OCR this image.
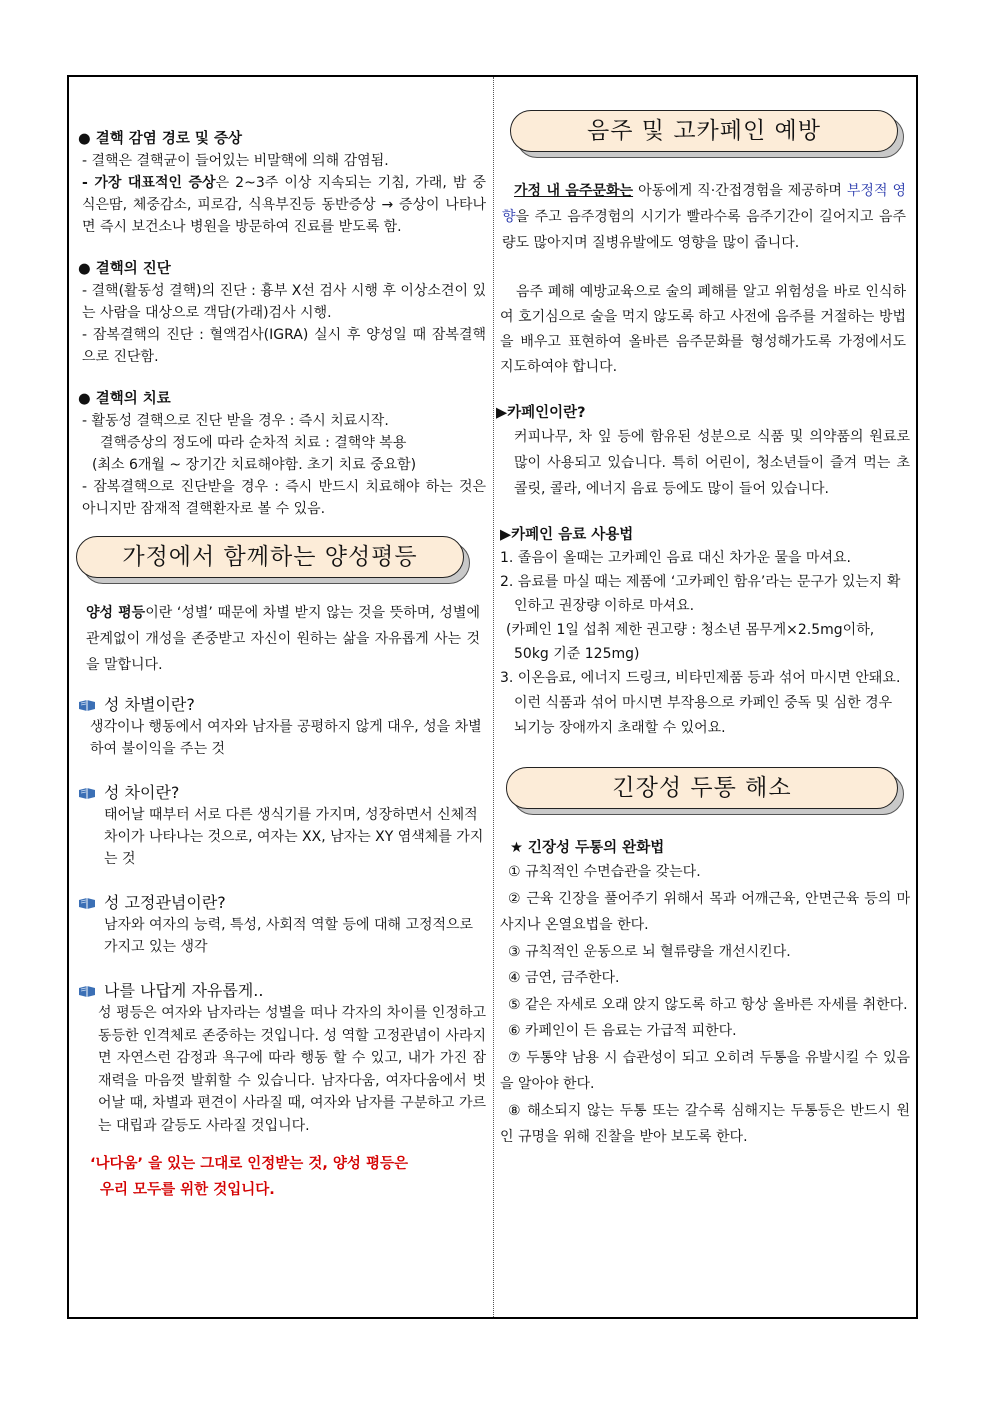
● 결핵 감염 경로 및 증상

- 결핵은 결핵균이 들어있는 비말핵에 의해 감염됨.

- 가장 대표적인 증상은 2~3주 이상 지속되는 기침, 가래, 밤 중 식은땀, 체중감소, 피로감, 식욕부진등 동반증상 → 증상이 나타나면 즉시 보건소나 병원을 방문하여 진료를 받도록 함.

● 결핵의 진단

- 결핵(활동성 결핵)의 진단 : 흉부 X선 검사 시행 후 이상소견이 있는 사람을 대상으로 객담(가래)검사 시행.

- 잠복결핵의 진단 : 혈액검사(IGRA) 실시 후 양성일 때 잠복결핵으로 진단함.

● 결핵의 치료

- 활동성 결핵으로 진단 받을 경우 : 즉시 치료시작.

결핵증상의 정도에 따라 순차적 치료 : 결핵약 복용

(최소 6개월 ~ 장기간 치료해야함. 초기 치료 중요함)

- 잠복결핵으로 진단받을 경우 : 즉시 반드시 치료해야 하는 것은 아니지만 잠재적 결핵환자로 볼 수 있음.

가정에서 함께하는 양성평등

양성 평등이란 ‘성별’ 때문에 차별 받지 않는 것을 뜻하며, 성별에 관계없이 개성을 존중받고 자신이 원하는 삶을 자유롭게 사는 것을 말합니다.

성 차별이란?

생각이나 행동에서 여자와 남자를 공평하지 않게 대우, 성을 차별하여 불이익을 주는 것

성 차이란?

태어날 때부터 서로 다른 생식기를 가지며, 성장하면서 신체적 차이가 나타나는 것으로, 여자는 XX, 남자는 XY 염색체를 가지는 것

성 고정관념이란?

남자와 여자의 능력, 특성, 사회적 역할 등에 대해 고정적으로 가지고 있는 생각

나를 나답게 자유롭게..

성 평등은 여자와 남자라는 성별을 떠나 각자의 차이를 인정하고 동등한 인격체로 존중하는 것입니다. 성 역할 고정관념이 사라지면 자연스런 감정과 욕구에 따라 행동 할 수 있고, 내가 가진 잠재력을 마음껏 발휘할 수 있습니다. 남자다움, 여자다움에서 벗어날 때, 차별과 편견이 사라질 때, 여자와 남자를 구분하고 가르는 대립과 갈등도 사라질 것입니다.

‘나다움’ 을 있는 그대로 인정받는 것, 양성 평등은

우리 모두를 위한 것입니다.

음주 및 고카페인 예방

가정 내 음주문화는 아동에게 직·간접경험을 제공하며 부정적 영향을 주고 음주경험의 시기가 빨라수록 음주기간이 길어지고 음주량도 많아지며 질병유발에도 영향을 많이 줍니다.

음주 폐해 예방교육으로 술의 폐해를 알고 위험성을 바로 인식하여 호기심으로 술을 먹지 않도록 하고 사전에 음주를 거절하는 방법을 배우고 표현하여 올바른 음주문화를 형성해가도록 가정에서도 지도하여야 합니다.

▶카페인이란?

커피나무, 차 잎 등에 함유된 성분으로 식품 및 의약품의 원료로 많이 사용되고 있습니다. 특히 어린이, 청소년들이 즐겨 먹는 초콜릿, 콜라, 에너지 음료 등에도 많이 들어 있습니다.

▶카페인 음료 사용법

1. 졸음이 올때는 고카페인 음료 대신 차가운 물을 마셔요.

2. 음료를 마실 때는 제품에 ‘고카페인 함유’라는 문구가 있는지 확인하고 권장량 이하로 마셔요.

(카페인 1일 섭취 제한 권고량 : 청소년 몸무게×2.5mg이하, 50kg 기준 125mg)

3. 이온음료, 에너지 드링크, 비타민제품 등과 섞어 마시면 안돼요. 이런 식품과 섞어 마시면 부작용으로 카페인 중독 및 심한 경우 뇌기능 장애까지 초래할 수 있어요.

긴장성 두통 해소

★ 긴장성 두통의 완화법

① 규칙적인 수면습관을 갖는다.

② 근육 긴장을 풀어주기 위해서 목과 어깨근육, 안면근육 등의 마사지나 온열요법을 한다.

③ 규칙적인 운동으로 뇌 혈류량을 개선시킨다.

④ 금연, 금주한다.

⑤ 같은 자세로 오래 앉지 않도록 하고 항상 올바른 자세를 취한다.

⑥ 카페인이 든 음료는 가급적 피한다.

⑦ 두통약 남용 시 습관성이 되고 오히려 두통을 유발시킬 수 있음을 알아야 한다.

⑧ 해소되지 않는 두통 또는 갈수록 심해지는 두통등은 반드시 원인 규명을 위해 진찰을 받아 보도록 한다.
